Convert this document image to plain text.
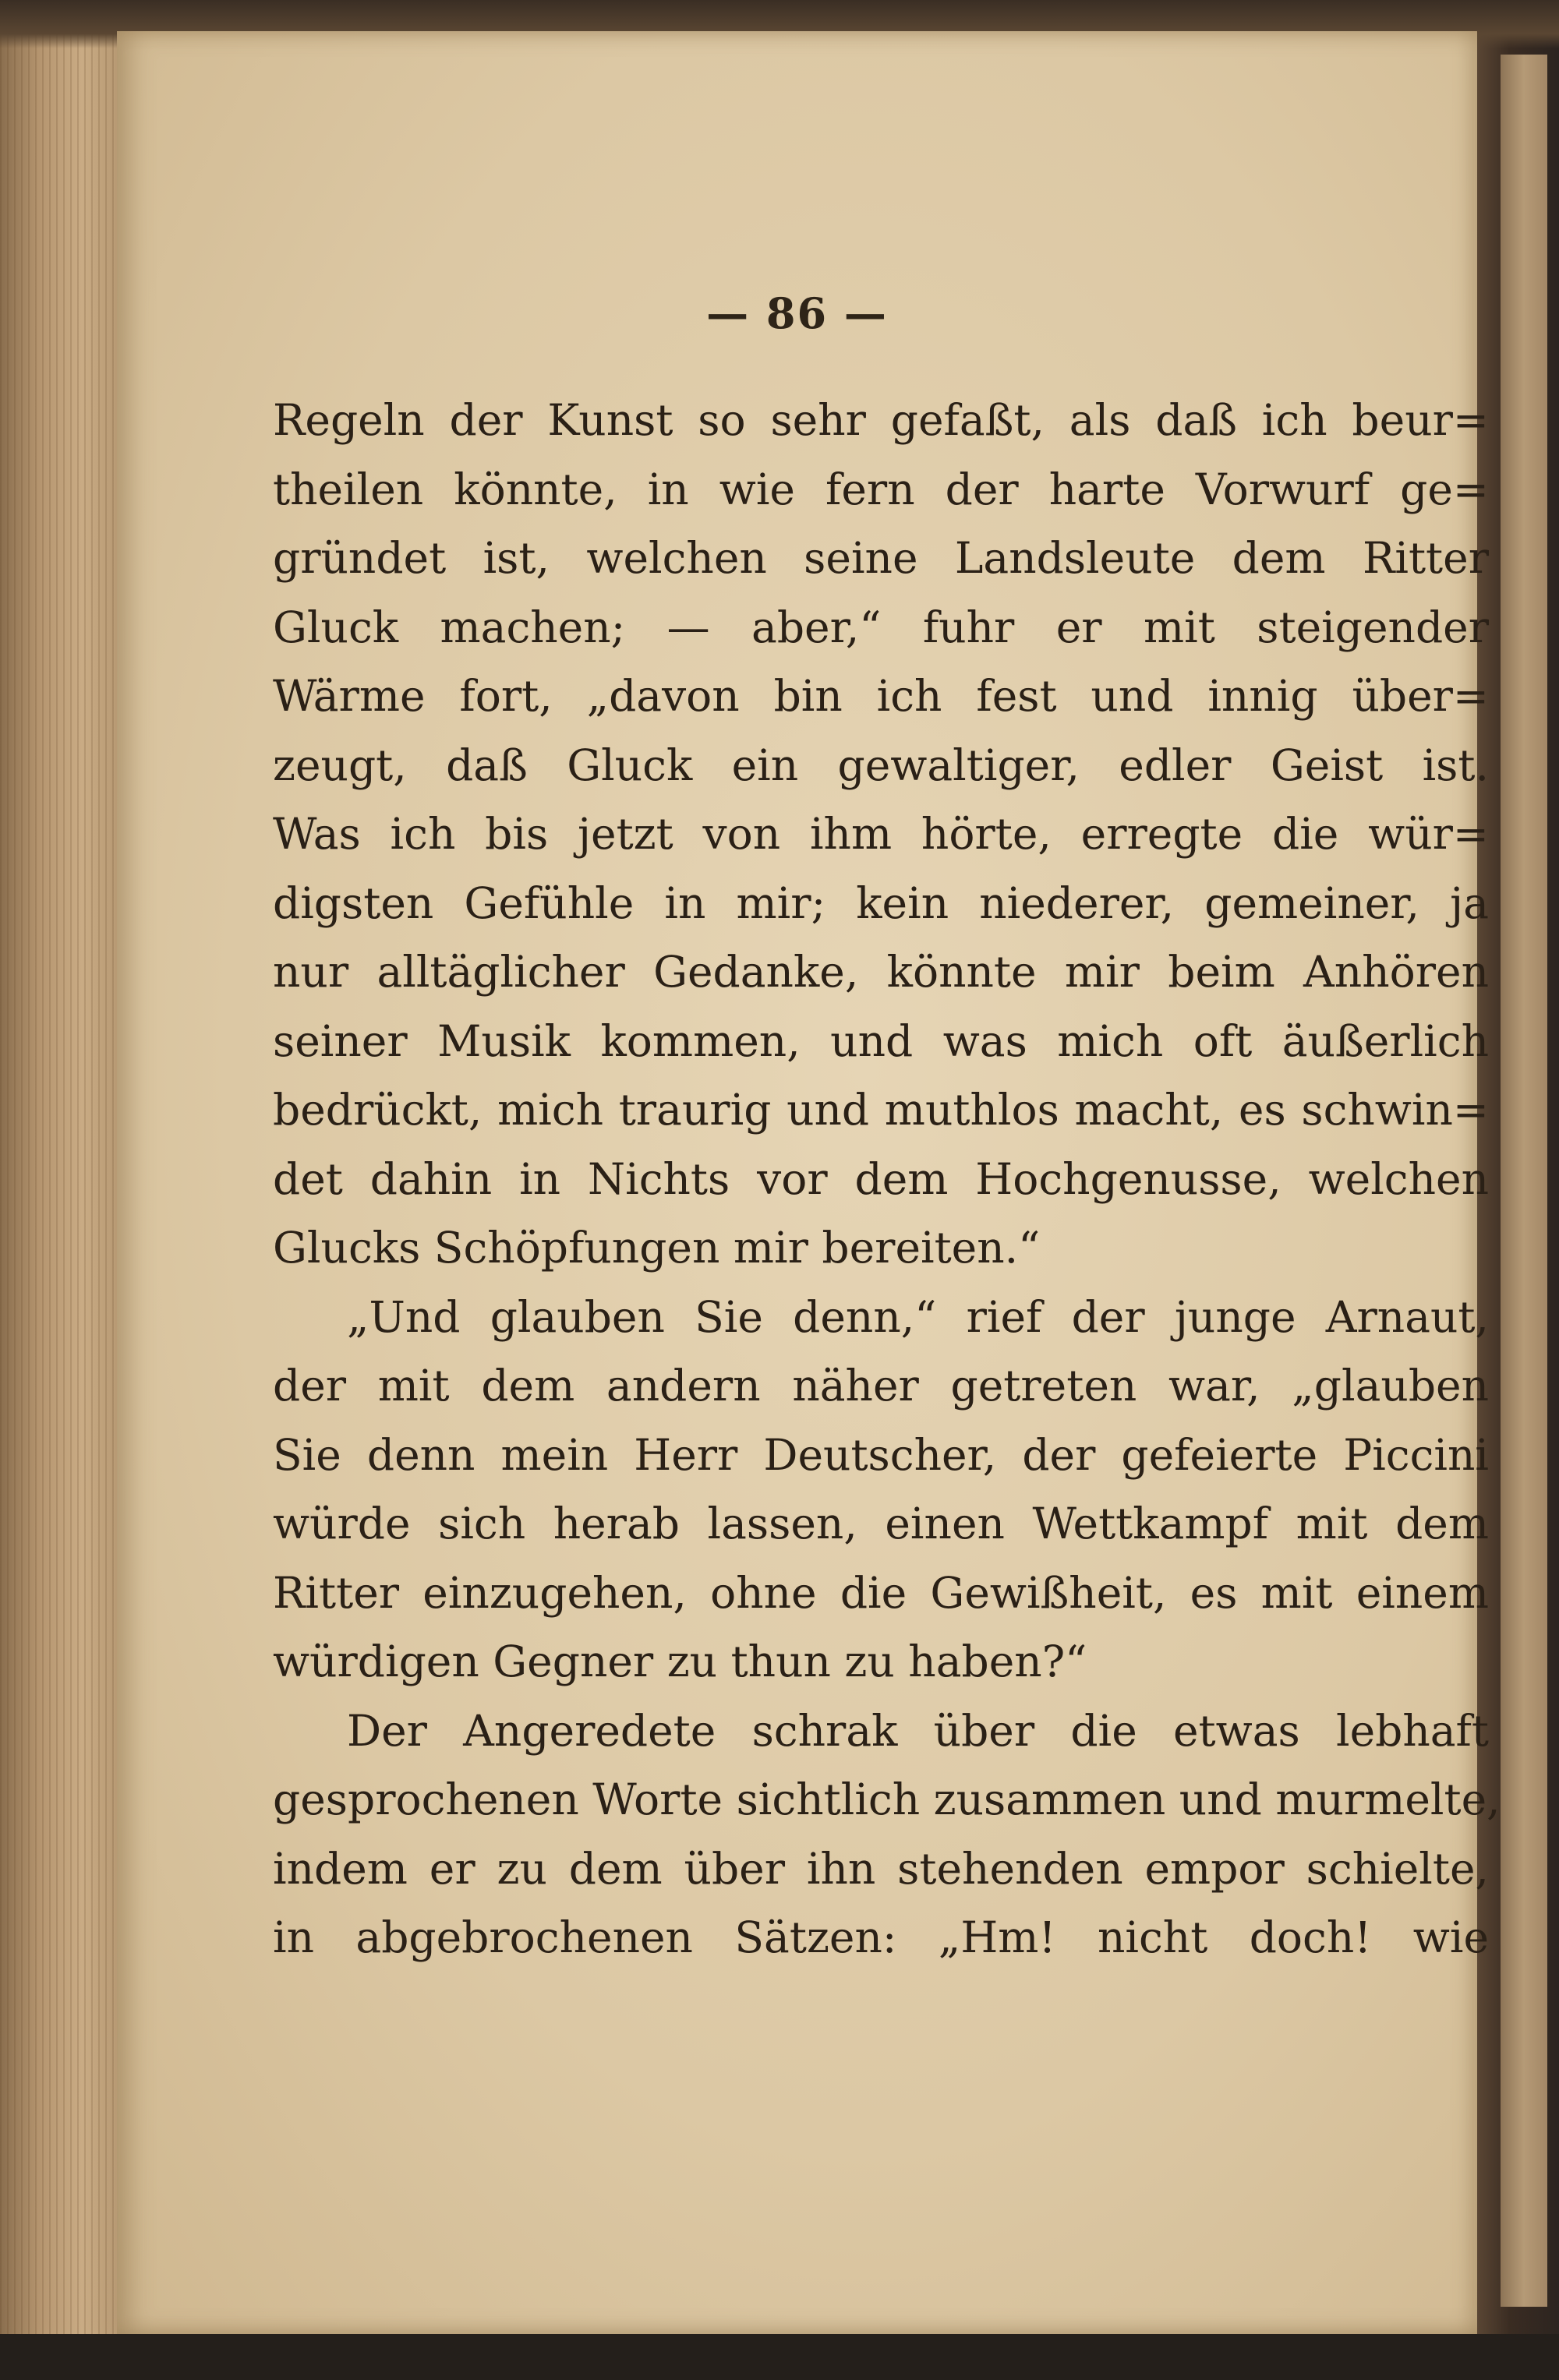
— 86 —

Regeln der Kunst so sehr gefaßt, als daß ich beur=
theilen könnte, in wie fern der harte Vorwurf ge=
gründet ist, welchen seine Landsleute dem Ritter
Gluck machen; — aber,“ fuhr er mit steigender
Wärme fort, „davon bin ich fest und innig über=
zeugt, daß Gluck ein gewaltiger, edler Geist ist.
Was ich bis jetzt von ihm hörte, erregte die wür=
digsten Gefühle in mir; kein niederer, gemeiner, ja
nur alltäglicher Gedanke, könnte mir beim Anhören
seiner Musik kommen, und was mich oft äußerlich
bedrückt, mich traurig und muthlos macht, es schwin=
det dahin in Nichts vor dem Hochgenusse, welchen
Glucks Schöpfungen mir bereiten.“

„Und glauben Sie denn,“ rief der junge Arnaut,
der mit dem andern näher getreten war, „glauben
Sie denn mein Herr Deutscher, der gefeierte Piccini
würde sich herab lassen, einen Wettkampf mit dem
Ritter einzugehen, ohne die Gewißheit, es mit einem
würdigen Gegner zu thun zu haben?“

Der Angeredete schrak über die etwas lebhaft
gesprochenen Worte sichtlich zusammen und murmelte,
indem er zu dem über ihn stehenden empor schielte,
in abgebrochenen Sätzen: „Hm! nicht doch! wie
